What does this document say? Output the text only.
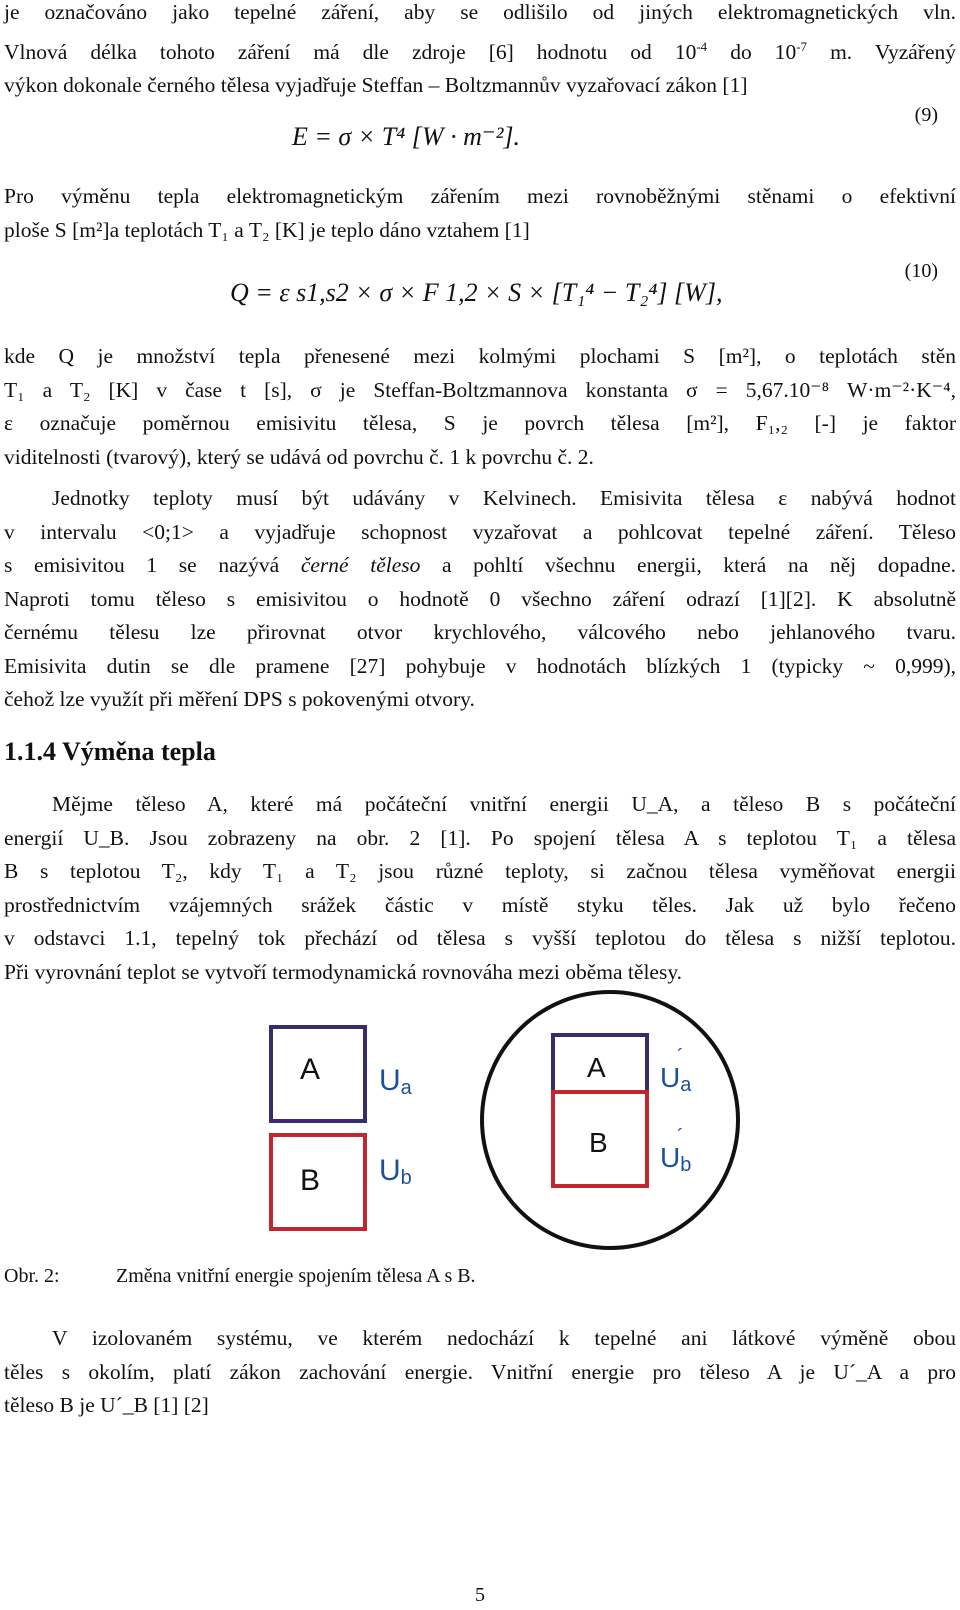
je označováno jako tepelné záření, aby se odlišilo od jiných elektromagnetických vln.
Vlnová délka tohoto záření má dle zdroje [6] hodnotu od $10^{-4}$ do $10^{-7}$ m. Vyzářený
výkon dokonale černého tělesa vyjadřuje Steffan – Boltzmannův vyzařovací zákon [1]
E = σ × T⁴ [W · m⁻²].
(9)
Pro výměnu tepla elektromagnetickým zářením mezi rovnoběžnými stěnami o efektivní
ploše S [m²]a teplotách T₁ a T₂ [K] je teplo dáno vztahem [1]
Q = ε s1,s2 × σ × F 1,2 × S × [T₁⁴ − T₂⁴] [W],
(10)
kde Q je množství tepla přenesené mezi kolmými plochami S [m²], o teplotách stěn
T₁ a T₂ [K] v čase t [s], σ je Steffan-Boltzmannova konstanta σ = 5,67.10⁻⁸ W·m⁻²·K⁻⁴,
ε označuje poměrnou emisivitu tělesa, S je povrch tělesa [m²], F₁,₂ [-] je faktor
viditelnosti (tvarový), který se udává od povrchu č. 1 k povrchu č. 2.
Jednotky teploty musí být udávány v Kelvinech. Emisivita tělesa ε nabývá hodnot
v intervalu <0;1> a vyjadřuje schopnost vyzařovat a pohlcovat tepelné záření. Těleso
s emisivitou 1 se nazývá černé těleso a pohltí všechnu energii, která na něj dopadne.
Naproti tomu těleso s emisivitou o hodnotě 0 všechno záření odrazí [1][2]. K absolutně
černému tělesu lze přirovnat otvor krychlového, válcového nebo jehlanového tvaru.
Emisivita dutin se dle pramene [27] pohybuje v hodnotách blízkých 1 (typicky ~ 0,999),
čehož lze využít při měření DPS s pokovenými otvory.
1.1.4 Výměna tepla
Mějme těleso A, které má počáteční vnitřní energii U_A, a těleso B s počáteční
energií U_B. Jsou zobrazeny na obr. 2 [1]. Po spojení tělesa A s teplotou T₁ a tělesa
B s teplotou T₂, kdy T₁ a T₂ jsou různé teploty, si začnou tělesa vyměňovat energii
prostřednictvím vzájemných srážek částic v místě styku těles. Jak už bylo řečeno
v odstavci 1.1, tepelný tok přechází od tělesa s vyšší teplotou do tělesa s nižší teplotou.
Při vyrovnání teplot se vytvoří termodynamická rovnováha mezi oběma tělesy.
A
B
Ua
Ub
A
B
Ua
´
Ub
´
Obr. 2:	Změna vnitřní energie spojením tělesa A s B.
V izolovaném systému, ve kterém nedochází k tepelné ani látkové výměně obou
těles s okolím, platí zákon zachování energie. Vnitřní energie pro těleso A je U´_A a pro
těleso B je U´_B [1] [2]
5
